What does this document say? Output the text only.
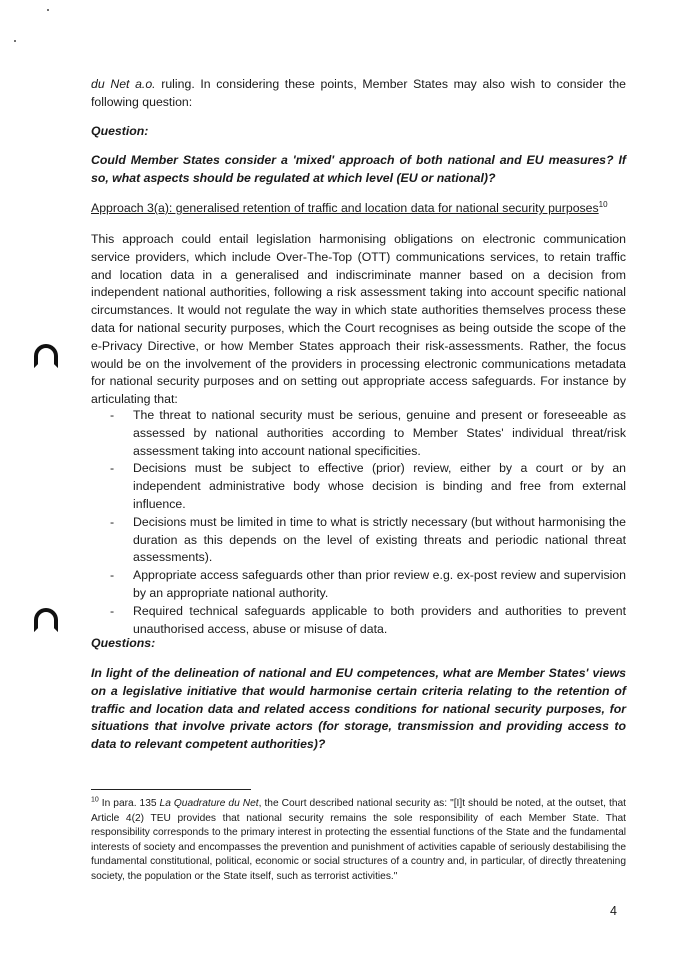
du Net a.o. ruling. In considering these points, Member States may also wish to consider the following question:

Question:

Could Member States consider a 'mixed' approach of both national and EU measures? If so, what aspects should be regulated at which level (EU or national)?

Approach 3(a): generalised retention of traffic and location data for national security purposes$^{10}$

This approach could entail legislation harmonising obligations on electronic communication service providers, which include Over-The-Top (OTT) communications services, to retain traffic and location data in a generalised and indiscriminate manner based on a decision from independent national authorities, following a risk assessment taking into account specific national circumstances. It would not regulate the way in which state authorities themselves process these data for national security purposes, which the Court recognises as being outside the scope of the e-Privacy Directive, or how Member States approach their risk-assessments. Rather, the focus would be on the involvement of the providers in processing electronic communications metadata for national security purposes and on setting out appropriate access safeguards. For instance by articulating that:

- The threat to national security must be serious, genuine and present or foreseeable as assessed by national authorities according to Member States' individual threat/risk assessment taking into account national specificities.
- Decisions must be subject to effective (prior) review, either by a court or by an independent administrative body whose decision is binding and free from external influence.
- Decisions must be limited in time to what is strictly necessary (but without harmonising the duration as this depends on the level of existing threats and periodic national threat assessments).
- Appropriate access safeguards other than prior review e.g. ex-post review and supervision by an appropriate national authority.
- Required technical safeguards applicable to both providers and authorities to prevent unauthorised access, abuse or misuse of data.

Questions:

In light of the delineation of national and EU competences, what are Member States' views on a legislative initiative that would harmonise certain criteria relating to the retention of traffic and location data and related access conditions for national security purposes, for situations that involve private actors (for storage, transmission and providing access to data to relevant competent authorities)?

$^{10}$ In para. 135 La Quadrature du Net, the Court described national security as: "[I]t should be noted, at the outset, that Article 4(2) TEU provides that national security remains the sole responsibility of each Member State. That responsibility corresponds to the primary interest in protecting the essential functions of the State and the fundamental interests of society and encompasses the prevention and punishment of activities capable of seriously destabilising the fundamental constitutional, political, economic or social structures of a country and, in particular, of directly threatening society, the population or the State itself, such as terrorist activities."

4
